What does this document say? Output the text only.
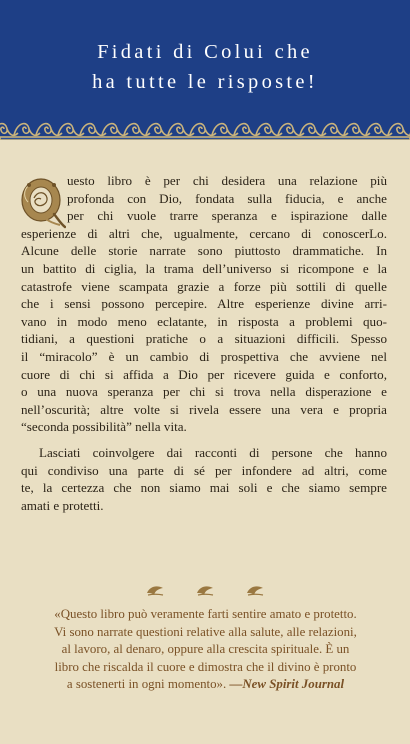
Fidati di Colui che
ha tutte le risposte!
uesto libro è per chi desidera una relazione più
profonda con Dio, fondata sulla fiducia, e anche
per chi vuole trarre speranza e ispirazione dalle
esperienze di altri che, ugualmente, cercano di conoscerLo.
Alcune delle storie narrate sono piuttosto drammatiche. In
un battito di ciglia, la trama dell’universo si ricompone e la
catastrofe viene scampata grazie a forze più sottili di quelle
che i sensi possono percepire. Altre esperienze divine arri-
vano in modo meno eclatante, in risposta a problemi quo-
tidiani, a questioni pratiche o a situazioni difficili. Spesso
il “miracolo” è un cambio di prospettiva che avviene nel
cuore di chi si affida a Dio per ricevere guida e conforto,
o una nuova speranza per chi si trova nella disperazione e
nell’oscurità; altre volte si rivela essere una vera e propria
“seconda possibilità” nella vita.
Lasciati coinvolgere dai racconti di persone che hanno
qui condiviso una parte di sé per infondere ad altri, come
te, la certezza che non siamo mai soli e che siamo sempre
amati e protetti.

«Questo libro può veramente farti sentire amato e protetto.
Vi sono narrate questioni relative alla salute, alle relazioni,
al lavoro, al denaro, oppure alla crescita spirituale. È un
libro che riscalda il cuore e dimostra che il divino è pronto
a sostenerti in ogni momento». —New Spirit Journal
